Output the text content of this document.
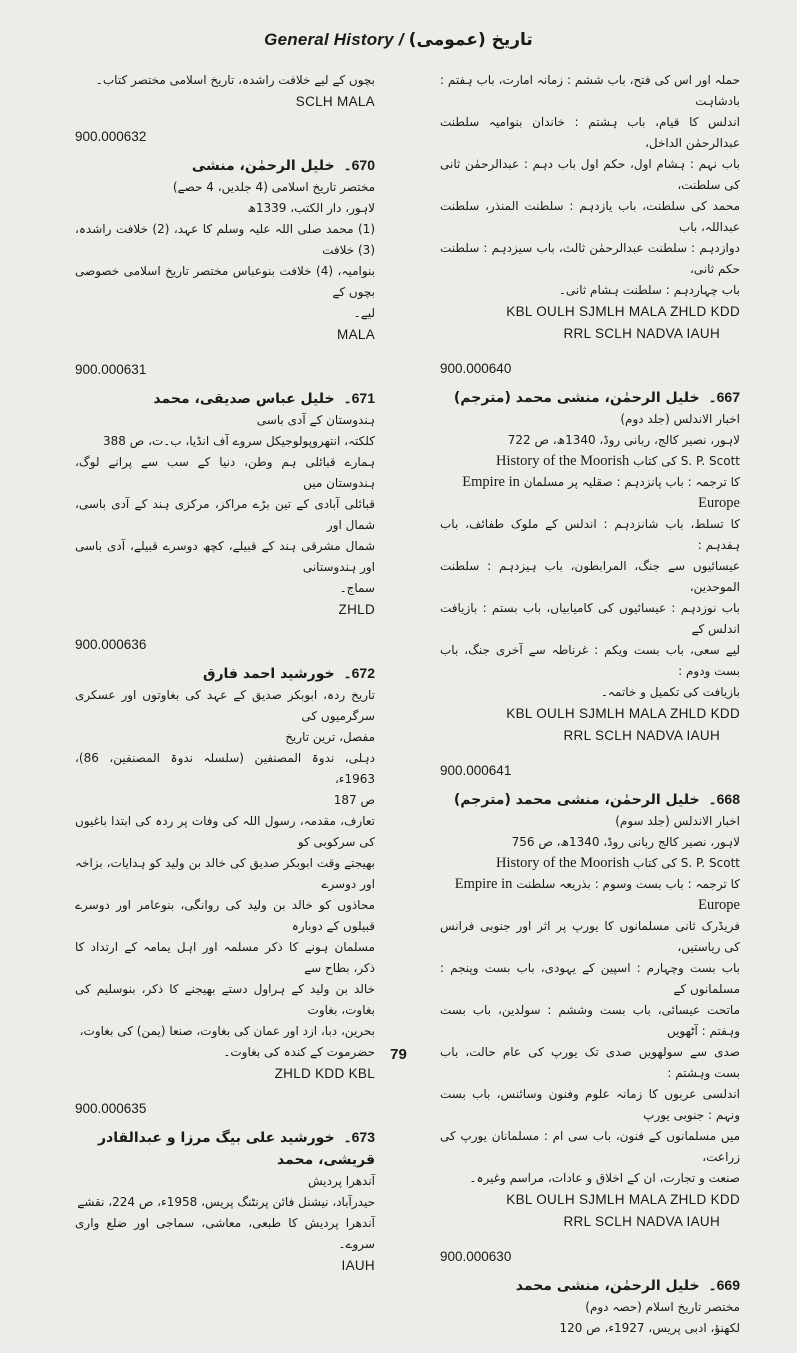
General History / (تاریخ (عمومی
حملہ اور اس کی فتح، باب ششم : زمانہ امارت، باب ہفتم : بادشاہت
اندلس کا قیام، باب ہشتم : خاندان بنوامیہ سلطنت عبدالرحمٰن الداخل،
باب نہم : ہشام اول، حکم اول باب دہم : عبدالرحمٰن ثانی کی سلطنت،
محمد کی سلطنت، باب یازدہم : سلطنت المنذر، سلطنت عبداللہ، باب
دوازدہم : سلطنت عبدالرحمٰن ثالث، باب سیزدہم : سلطنت حکم ثانی،
باب چہاردہم : سلطنت ہشام ثانی۔
KBL OULH SJMLH MALA ZHLD KDD
RRL SCLH NADVA IAUH
900.000640
667۔ خلیل الرحمٰن، منشی محمد (مترجم)
اخبار الاندلس (جلد دوم)
لاہور، نصیر کالج، ربانی روڈ، 1340ھ، ص 722
S. P. Scott کی کتاب History of the Moorish
کا ترجمہ : باب پانزدہم : صقلیہ پر مسلمان Empire in Europe
کا تسلط، باب شانزدہم : اندلس کے ملوک طفائف، باب ہفدہم :
عیسائیوں سے جنگ، المرابطون، باب ہیزدہم : سلطنت الموحدین،
باب نوزدہم : عیسائیوں کی کامیابیاں، باب بستم : بازیافت اندلس کے
لیے سعی، باب بست ویکم : غرناطہ سے آخری جنگ، باب بست ودوم :
بازیافت کی تکمیل و خاتمہ۔
KBL OULH SJMLH MALA ZHLD KDD
RRL SCLH NADVA IAUH
900.000641
668۔ خلیل الرحمٰن، منشی محمد (مترجم)
اخبار الاندلس (جلد سوم)
لاہور، نصیر کالج ربانی روڈ، 1340ھ، ص 756
S. P. Scott کی کتاب History of the Moorish
کا ترجمہ : باب بست وسوم : بذریعہ سلطنت Empire in Europe
فریڈرک ثانی مسلمانوں کا یورپ پر اثر اور جنوبی فرانس کی ریاستیں،
باب بست وچہارم : اسپین کے یہودی، باب بست وپنجم : مسلمانوں کے
ماتحت عیسائی، باب بست وششم : سولدین، باب بست وہفتم : آٹھویں
صدی سے سولھویں صدی تک یورپ کی عام حالت، باب بست وہشتم :
اندلسی عربوں کا زمانہ علوم وفنون وسائنس، باب بست ونہم : جنوبی یورپ
میں مسلمانوں کے فنون، باب سی ام : مسلمانان یورپ کی زراعت،
صنعت و تجارت، ان کے اخلاق و عادات، مراسم وغیرہ۔
KBL OULH SJMLH MALA ZHLD KDD
RRL SCLH NADVA IAUH
900.000630
669۔ خلیل الرحمٰن، منشی محمد
مختصر تاریخ اسلام (حصہ دوم)
لکھنؤ، ادبی پریس، 1927ء، ص 120
بچوں کے لیے خلافت راشدہ، تاریخ اسلامی مختصر کتاب۔
SCLH MALA
900.000632
670۔ خلیل الرحمٰن، منشی
مختصر تاریخ اسلامی (4 جلدیں، 4 حصے)
لاہور، دار الکتب، 1339ھ
(1) محمد صلی اللہ علیہ وسلم کا عہد، (2) خلافت راشدہ، (3) خلافت
بنوامیہ، (4) خلافت بنوعباس مختصر تاریخ اسلامی خصوصی بچوں کے
لیے۔
MALA
900.000631
671۔ خلیل عباس صدیقی، محمد
ہندوستان کے آدی باسی
کلکتہ، انتھروپولوجیکل سروے آف انڈیا، ب۔ت، ص 388
ہمارے قبائلی ہم وطن، دنیا کے سب سے پرانے لوگ، ہندوستان میں
قبائلی آبادی کے تین بڑے مراکز، مرکزی ہند کے آدی باسی، شمال اور
شمال مشرقی ہند کے قبیلے، کچھ دوسرے قبیلے، آدی باسی اور ہندوستانی
سماج۔
ZHLD
900.000636
672۔ خورشید احمد فارق
تاریخ ردہ، ابوبکر صدیق کے عہد کی بغاوتوں اور عسکری سرگرمیوں کی
مفصل، ترین تاریخ
دہلی، ندوۃ المصنفین (سلسلہ ندوۃ المصنفین، 86)، 1963ء،
ص 187
تعارف، مقدمہ، رسول اللہ کی وفات پر ردہ کی ابتدا باغیوں کی سرکوبی کو
بھیجتے وقت ابوبکر صدیق کی خالد بن ولید کو ہدایات، بزاخہ اور دوسرے
محاذوں کو خالد بن ولید کی روانگی، بنوعامر اور دوسرے قبیلوں کے دوبارہ
مسلمان ہونے کا ذکر مسلمہ اور اہل یمامہ کے ارتداد کا ذکر، بطاح سے
خالد بن ولید کے ہراول دستے بھیجنے کا ذکر، بنوسلیم کی بغاوت، بغاوت
بحرین، دبا، ازد اور عمان کی بغاوت، صنعا (یمن) کی بغاوت،
حضرموت کے کندہ کی بغاوت۔
ZHLD KDD KBL
900.000635
673۔ خورشید علی بیگ مرزا و عبدالقادر قریشی، محمد
آندھرا پردیش
حیدرآباد، نیشنل فائن پرنٹنگ پریس، 1958ء، ص 224، نقشے
آندھرا پردیش کا طبعی، معاشی، سماجی اور ضلع واری سروے۔
IAUH
79
